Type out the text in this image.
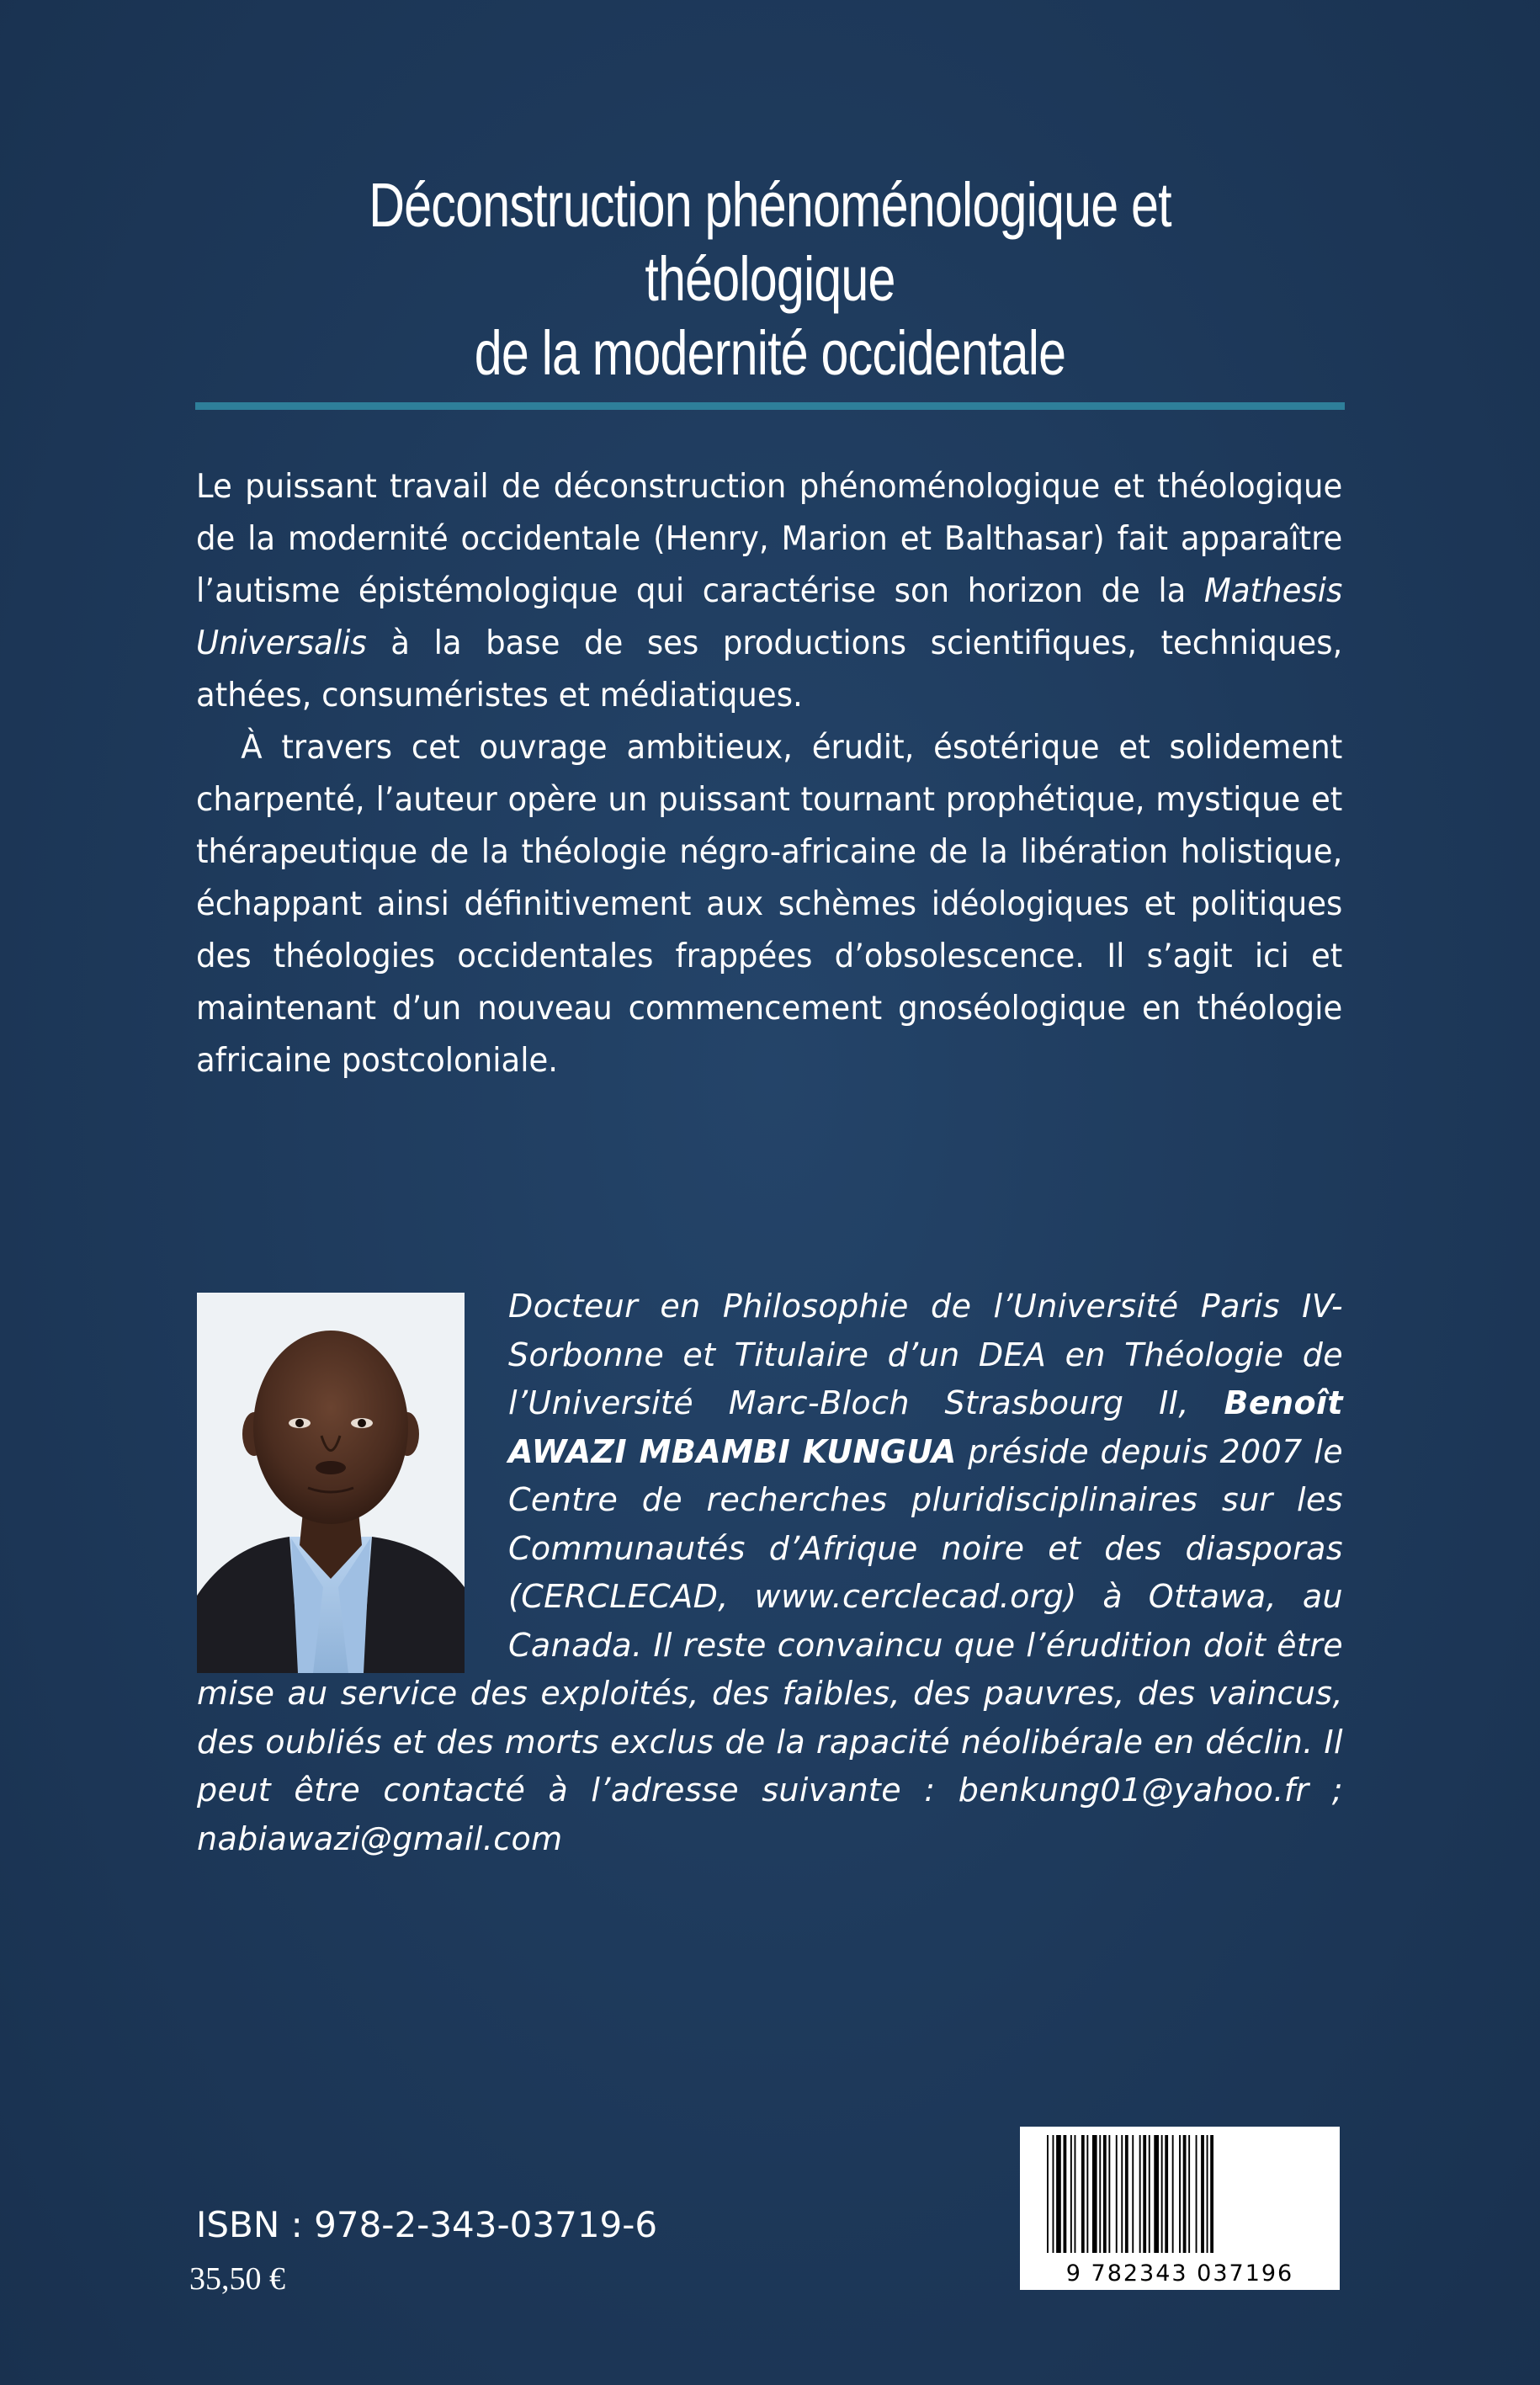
Déconstruction phénoménologique et théologique
de la modernité occidentale

Le puissant travail de déconstruction phénoménologique et théologique de la modernité occidentale (Henry, Marion et Balthasar) fait apparaître l’autisme épistémologique qui caractérise son horizon de la Mathesis Universalis à la base de ses productions scientifiques, techniques, athées, consuméristes et médiatiques.

À travers cet ouvrage ambitieux, érudit, ésotérique et solidement charpenté, l’auteur opère un puissant tournant prophétique, mystique et thérapeutique de la théologie négro-africaine de la libération holistique, échappant ainsi définitivement aux schèmes idéologiques et politiques des théologies occidentales frappées d’obsolescence. Il s’agit ici et maintenant d’un nouveau commencement gnoséologique en théologie africaine postcoloniale.

Docteur en Philosophie de l’Université Paris IV-Sorbonne et Titulaire d’un DEA en Théologie de l’Université Marc-Bloch Strasbourg II, Benoît AWAZI MBAMBI KUNGUA préside depuis 2007 le Centre de recherches pluridisciplinaires sur les Communautés d’Afrique noire et des diasporas (CERCLECAD, www.cerclecad.org) à Ottawa, au Canada. Il reste convaincu que l’érudition doit être mise au service des exploités, des faibles, des pauvres, des vaincus, des oubliés et des morts exclus de la rapacité néolibérale en déclin. Il peut être contacté à l’adresse suivante : benkung01@yahoo.fr ; nabiawazi@gmail.com
ISBN : 978-2-343-03719-6
35,50 €	9 782343 037196
